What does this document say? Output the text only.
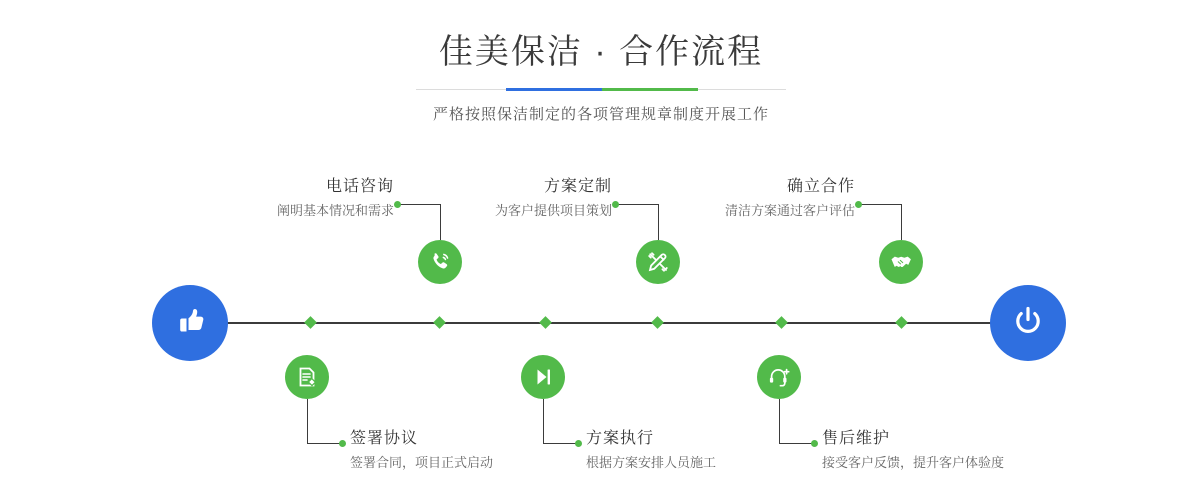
佳美保洁 · 合作流程

严格按照保洁制定的各项管理规章制度开展工作

电话咨询
阐明基本情况和需求
签署协议
签署合同，项目正式启动
方案定制
为客户提供项目策划
方案执行
根据方案安排人员施工
确立合作
清洁方案通过客户评估
售后维护
接受客户反馈，提升客户体验度
